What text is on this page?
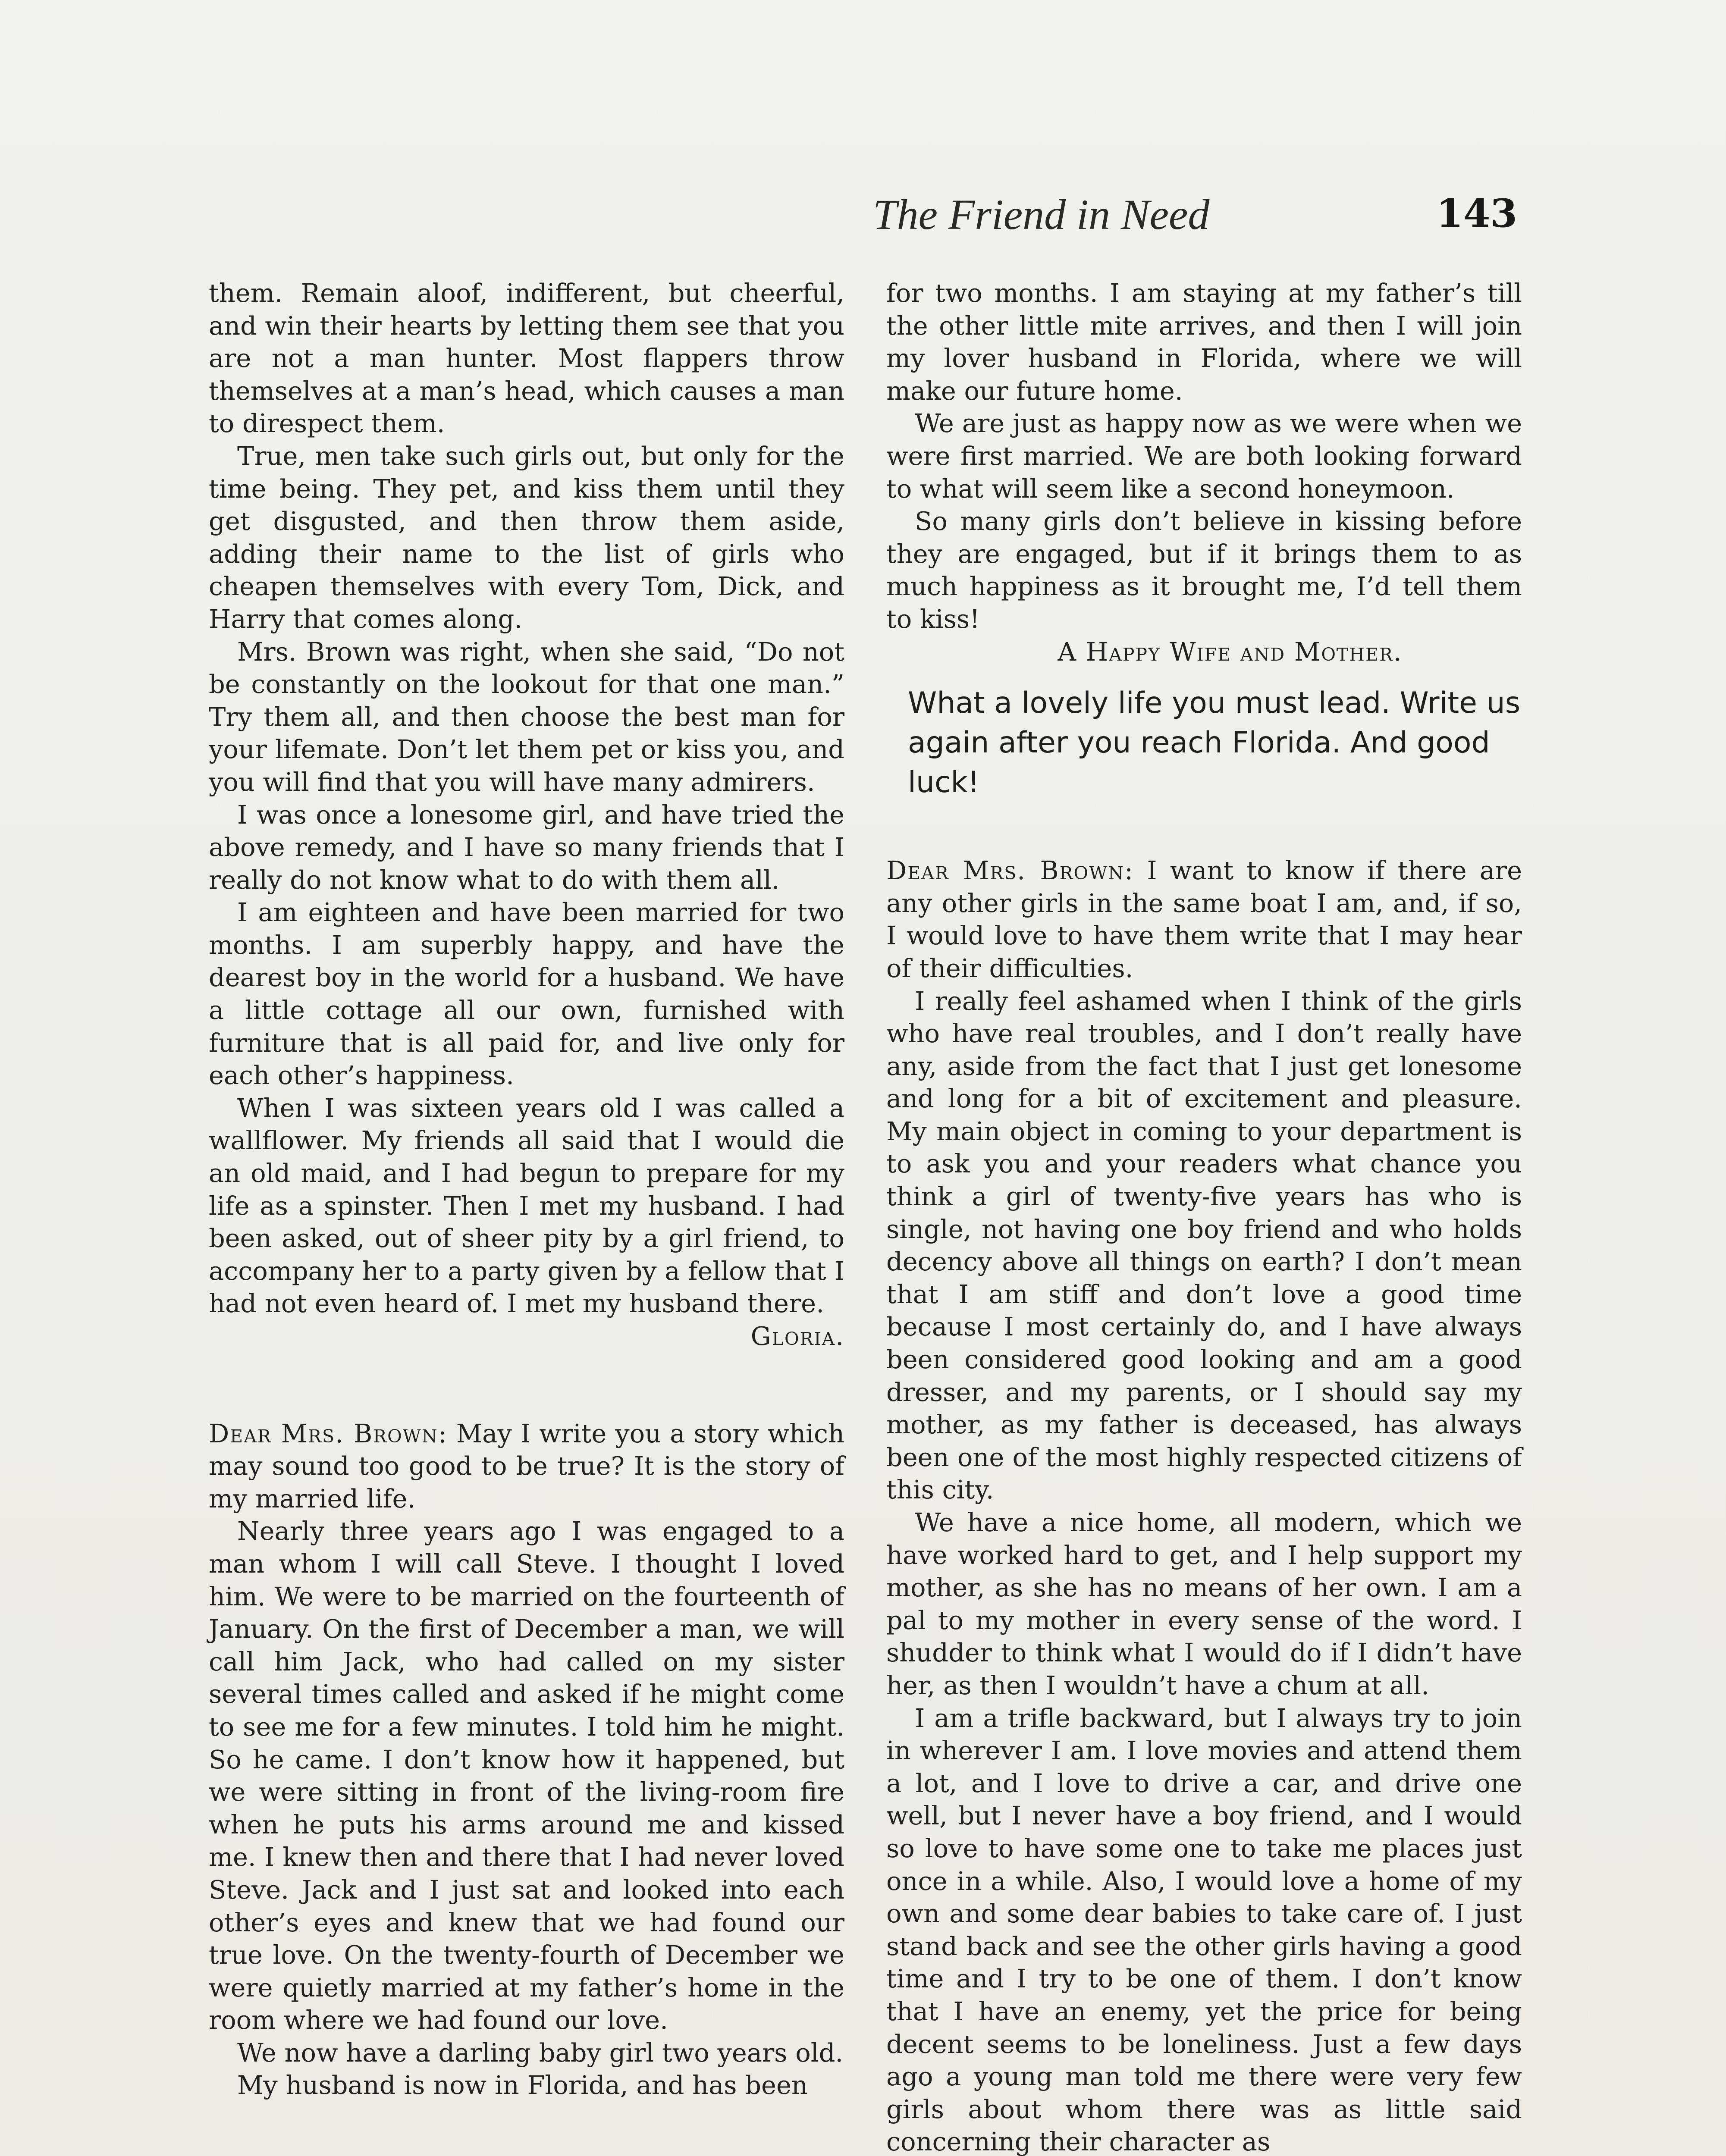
The Friend in Need	143

them. Remain aloof, indifferent, but cheerful, and win their hearts by letting them see that you are not a man hunter. Most flappers throw themselves at a man’s head, which causes a man to direspect them.

True, men take such girls out, but only for the time being. They pet, and kiss them until they get disgusted, and then throw them aside, adding their name to the list of girls who cheapen themselves with every Tom, Dick, and Harry that comes along.

Mrs. Brown was right, when she said, “Do not be constantly on the lookout for that one man.” Try them all, and then choose the best man for your lifemate. Don’t let them pet or kiss you, and you will find that you will have many admirers.

I was once a lonesome girl, and have tried the above remedy, and I have so many friends that I really do not know what to do with them all.

I am eighteen and have been married for two months. I am superbly happy, and have the dearest boy in the world for a husband. We have a little cottage all our own, furnished with furniture that is all paid for, and live only for each other’s happiness.

When I was sixteen years old I was called a wallflower. My friends all said that I would die an old maid, and I had begun to prepare for my life as a spinster. Then I met my husband. I had been asked, out of sheer pity by a girl friend, to accompany her to a party given by a fellow that I had not even heard of. I met my husband there.

Gloria.

Dear Mrs. Brown: May I write you a story which may sound too good to be true? It is the story of my married life.

Nearly three years ago I was engaged to a man whom I will call Steve. I thought I loved him. We were to be married on the fourteenth of January. On the first of December a man, we will call him Jack, who had called on my sister several times called and asked if he might come to see me for a few minutes. I told him he might. So he came. I don’t know how it happened, but we were sitting in front of the living-room fire when he puts his arms around me and kissed me. I knew then and there that I had never loved Steve. Jack and I just sat and looked into each other’s eyes and knew that we had found our true love. On the twenty-fourth of December we were quietly married at my father’s home in the room where we had found our love.

We now have a darling baby girl two years old.

My husband is now in Florida, and has been

for two months. I am staying at my father’s till the other little mite arrives, and then I will join my lover husband in Florida, where we will make our future home.

We are just as happy now as we were when we were first married. We are both looking forward to what will seem like a second honeymoon.

So many girls don’t believe in kissing before they are engaged, but if it brings them to as much happiness as it brought me, I’d tell them to kiss!

A Happy Wife and Mother.

What a lovely life you must lead. Write us again after you reach Florida. And good luck!

Dear Mrs. Brown: I want to know if there are any other girls in the same boat I am, and, if so, I would love to have them write that I may hear of their difficulties.

I really feel ashamed when I think of the girls who have real troubles, and I don’t really have any, aside from the fact that I just get lonesome and long for a bit of excitement and pleasure. My main object in coming to your department is to ask you and your readers what chance you think a girl of twenty-five years has who is single, not having one boy friend and who holds decency above all things on earth? I don’t mean that I am stiff and don’t love a good time because I most certainly do, and I have always been considered good looking and am a good dresser, and my parents, or I should say my mother, as my father is deceased, has always been one of the most highly respected citizens of this city.

We have a nice home, all modern, which we have worked hard to get, and I help support my mother, as she has no means of her own. I am a pal to my mother in every sense of the word. I shudder to think what I would do if I didn’t have her, as then I wouldn’t have a chum at all.

I am a trifle backward, but I always try to join in wherever I am. I love movies and attend them a lot, and I love to drive a car, and drive one well, but I never have a boy friend, and I would so love to have some one to take me places just once in a while. Also, I would love a home of my own and some dear babies to take care of. I just stand back and see the other girls having a good time and I try to be one of them. I don’t know that I have an enemy, yet the price for being decent seems to be loneliness. Just a few days ago a young man told me there were very few girls about whom there was as little said concerning their character as
